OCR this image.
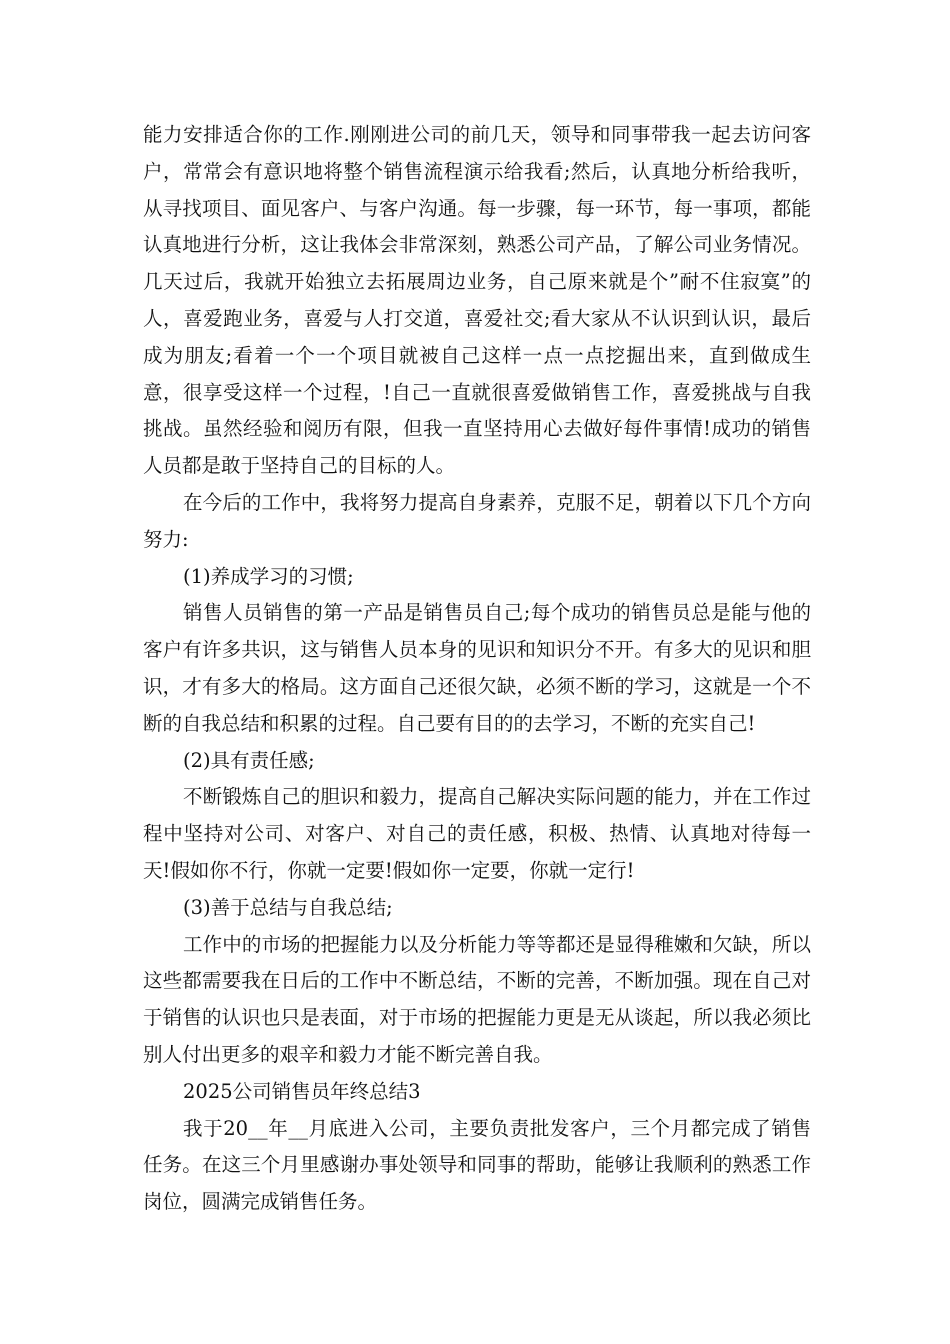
能力安排适合你的工作.刚刚进公司的前几天，领导和同事带我一起去访问客户，常常会有意识地将整个销售流程演示给我看;然后，认真地分析给我听，从寻找项目、面见客户、与客户沟通。每一步骤，每一环节，每一事项，都能认真地进行分析，这让我体会非常深刻，熟悉公司产品，了解公司业务情况。几天过后，我就开始独立去拓展周边业务，自己原来就是个”耐不住寂寞”的人，喜爱跑业务，喜爱与人打交道，喜爱社交;看大家从不认识到认识，最后成为朋友;看着一个一个项目就被自己这样一点一点挖掘出来，直到做成生意，很享受这样一个过程，!自己一直就很喜爱做销售工作，喜爱挑战与自我挑战。虽然经验和阅历有限，但我一直坚持用心去做好每件事情!成功的销售人员都是敢于坚持自己的目标的人。

在今后的工作中，我将努力提高自身素养，克服不足，朝着以下几个方向努力:

(1)养成学习的习惯;

销售人员销售的第一产品是销售员自己;每个成功的销售员总是能与他的客户有许多共识，这与销售人员本身的见识和知识分不开。有多大的见识和胆识，才有多大的格局。这方面自己还很欠缺，必须不断的学习，这就是一个不断的自我总结和积累的过程。自己要有目的的去学习，不断的充实自己!

(2)具有责任感;

不断锻炼自己的胆识和毅力，提高自己解决实际问题的能力，并在工作过程中坚持对公司、对客户、对自己的责任感，积极、热情、认真地对待每一天!假如你不行，你就一定要!假如你一定要，你就一定行!

(3)善于总结与自我总结;

工作中的市场的把握能力以及分析能力等等都还是显得稚嫩和欠缺，所以这些都需要我在日后的工作中不断总结，不断的完善，不断加强。现在自己对于销售的认识也只是表面，对于市场的把握能力更是无从谈起，所以我必须比别人付出更多的艰辛和毅力才能不断完善自我。

2025公司销售员年终总结3

我于20__年__月底进入公司，主要负责批发客户，三个月都完成了销售任务。在这三个月里感谢办事处领导和同事的帮助，能够让我顺利的熟悉工作岗位，圆满完成销售任务。
